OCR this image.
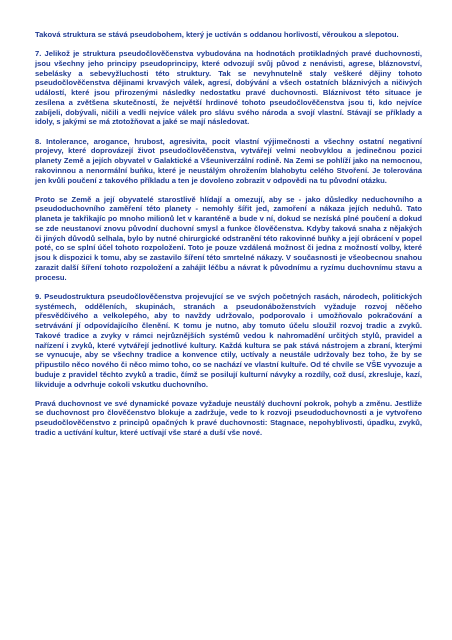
Taková struktura se stává pseudobohem, který je uctíván s oddanou horlivostí, věroukou a slepotou.

7. Jelikož je struktura pseudočlověčenstva vybudována na hodnotách protikladných pravé duchovnosti, jsou všechny jeho principy pseudoprincipy, které odvozují svůj původ z nenávisti, agrese, bláznovství, sebelásky a sebevyžluchosti této struktury. Tak se nevyhnutelně staly veškeré dějiny tohoto pseudočlověčenstva dějinami krvavých válek, agresí, dobývání a všech ostatních bláznivých a ničivých událostí, které jsou přirozenými následky nedostatku pravé duchovnosti. Bláznivost této situace je zesílena a zvětšena skutečností, že největší hrdinové tohoto pseudočlověčenstva jsou ti, kdo nejvíce zabíjeli, dobývali, ničili a vedli nejvíce válek pro slávu svého národa a svojí vlastní. Stávají se příklady a idoly, s jakými se má ztotožňovat a jaké se mají následovat.

8. Intolerance, arogance, hrubost, agresivita, pocit vlastní výjimečnosti a všechny ostatní negativní projevy, které doprovázejí život pseudočlověčenstva, vytvářejí velmi neobvyklou a jedinečnou pozici planety Země a jejích obyvatel v Galaktické a Všeuniverzální rodině. Na Zemi se pohlíží jako na nemocnou, rakovinnou a nenormální buňku, které je neustálým ohrožením blahobytu celého Stvoření. Je tolerována jen kvůli poučení z takového příkladu a ten je dovoleno zobrazit v odpovědi na tu původní otázku.

Proto se Země a její obyvatelé starostlivě hlídají a omezují, aby se - jako důsledky neduchovního a pseudoduchovního zaměření této planety - nemohly šířit jed, zamoření a nákaza jejích neduhů. Tato planeta je takřikajíc po mnoho milionů let v karanténě a bude v ní, dokud se nezíská plné poučení a dokud se zde neustanoví znovu původní duchovní smysl a funkce člověčenstva. Kdyby taková snaha z nějakých či jiných důvodů selhala, bylo by nutné chirurgické odstranění této rakovinné buňky a její obrácení v popel poté, co se splní účel tohoto rozpoložení. Toto je pouze vzdálená možnost či jedna z možností volby, které jsou k dispozici k tomu, aby se zastavilo šíření této smrtelné nákazy. V současnosti je všeobecnou snahou zarazit další šíření tohoto rozpoložení a zahájit léčbu a návrat k původnímu a ryzímu duchovnímu stavu a procesu.

9. Pseudostruktura pseudočlověčenstva projevující se ve svých početných rasách, národech, politických systémech, odděleních, skupinách, stranách a pseudonáboženstvích vyžaduje rozvoj něčeho přesvědčivého a velkolepého, aby to navždy udržovalo, podporovalo i umožňovalo pokračování a setrvávání jí odpovídajícího členění. K tomu je nutno, aby tomuto účelu sloužil rozvoj tradic a zvyků. Takové tradice a zvyky v rámci nejrůznějších systémů vedou k nahromadění určitých stylů, pravidel a nařízení i zvyků, které vytvářejí jednotlivé kultury. Každá kultura se pak stává nástrojem a zbraní, kterými se vynucuje, aby se všechny tradice a konvence ctily, uctívaly a neustále udržovaly bez toho, že by se připustilo něco nového či něco mimo toho, co se nachází ve vlastní kultuře. Od té chvíle se VŠE vyvozuje a buduje z pravidel těchto zvyků a tradic, čímž se posilují kulturní návyky a rozdíly, což dusí, zkresluje, kazí, likviduje a odvrhuje cokoli vskutku duchovního.

Pravá duchovnost ve své dynamické povaze vyžaduje neustálý duchovní pokrok, pohyb a změnu. Jestliže se duchovnost pro člověčenstvo blokuje a zadržuje, vede to k rozvoji pseudoduchovnosti a je vytvořeno pseudočlověčenstvo z principů opačných k pravé duchovnosti: Stagnace, nepohyblivosti, úpadku, zvyků, tradic a uctívání kultur, které uctívají vše staré a duší vše nové.
